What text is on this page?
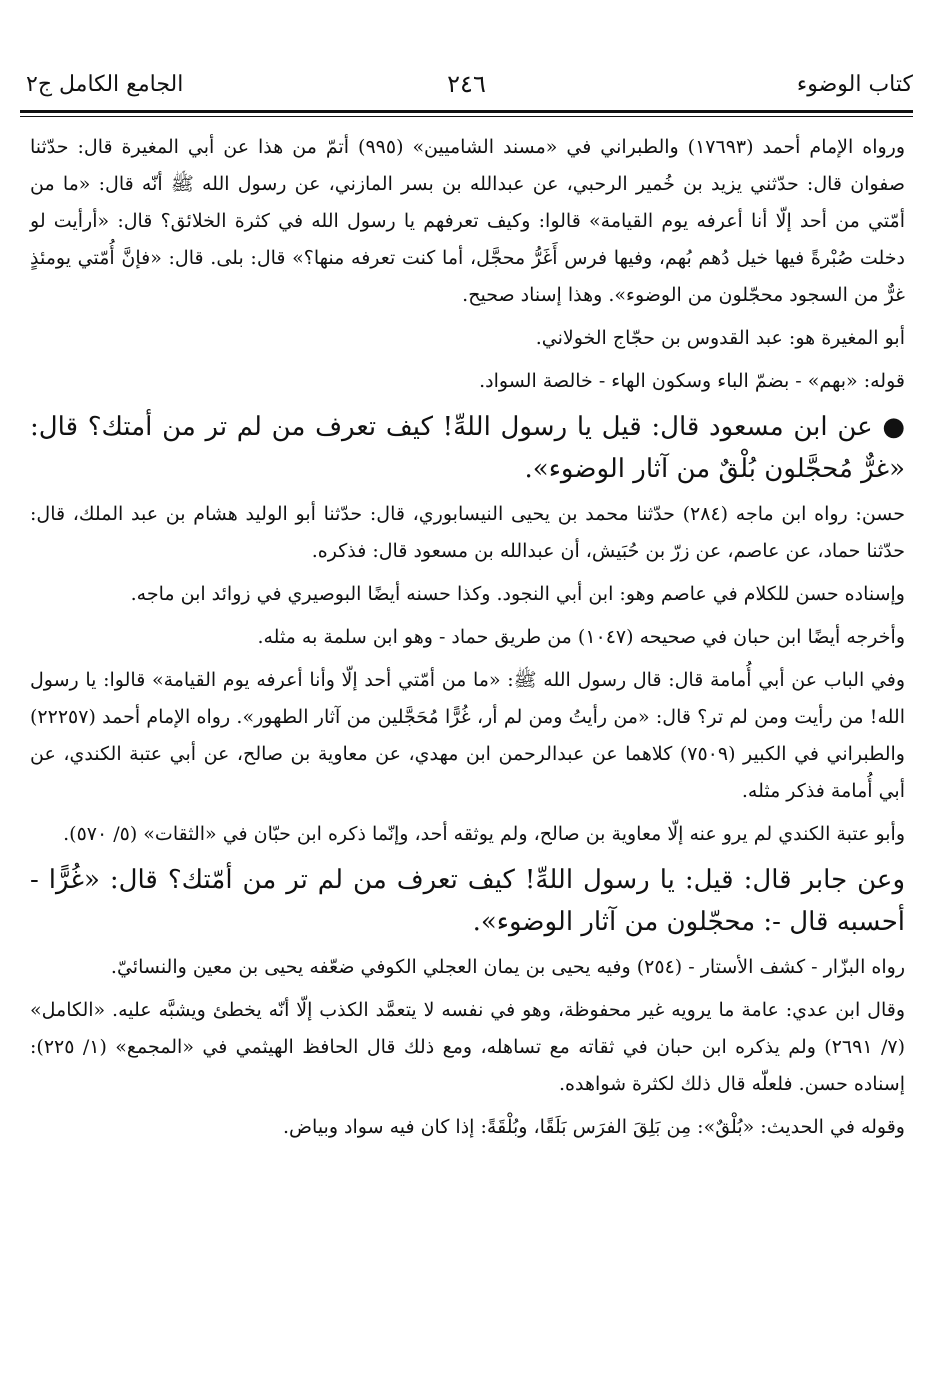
كتاب الوضوء
٢٤٦
الجامع الكامل ج٢

ورواه الإمام أحمد (١٧٦٩٣) والطبراني في «مسند الشاميين» (٩٩٥) أتمّ من هذا عن أبي المغيرة قال: حدّثنا صفوان قال: حدّثني يزيد بن خُمير الرحبي، عن عبدالله بن بسر المازني، عن رسول الله ﷺ أنّه قال: «ما من أمّتي من أحد إلّا أنا أعرفه يوم القيامة» قالوا: وكيف تعرفهم يا رسول الله في كثرة الخلائق؟ قال: «أرأيت لو دخلت صُبْرةً فيها خيل دُهم بُهم، وفيها فرس أَغَرُّ محجَّل، أما كنت تعرفه منها؟» قال: بلى. قال: «فإنَّ أُمّتي يومئذٍ غرٌّ من السجود محجّلون من الوضوء». وهذا إسناد صحيح.

أبو المغيرة هو: عبد القدوس بن حجّاج الخولاني.

قوله: «بهم» - بضمّ الباء وسكون الهاء - خالصة السواد.

● عن ابن مسعود قال: قيل يا رسول اللهِّ! كيف تعرف من لم تر من أمتك؟ قال: «غرٌّ مُحجَّلون بُلْقٌ من آثار الوضوء».

حسن: رواه ابن ماجه (٢٨٤) حدّثنا محمد بن يحيى النيسابوري، قال: حدّثنا أبو الوليد هشام بن عبد الملك، قال: حدّثنا حماد، عن عاصم، عن زرّ بن حُبَيش، أن عبدالله بن مسعود قال: فذكره.

وإسناده حسن للكلام في عاصم وهو: ابن أبي النجود. وكذا حسنه أيضًا البوصيري في زوائد ابن ماجه.

وأخرجه أيضًا ابن حبان في صحيحه (١٠٤٧) من طريق حماد - وهو ابن سلمة به مثله.

وفي الباب عن أبي أُمامة قال: قال رسول الله ﷺ: «ما من أمّتي أحد إلّا وأنا أعرفه يوم القيامة» قالوا: يا رسول الله! من رأيت ومن لم تر؟ قال: «من رأيتُ ومن لم أر، غُرًّا مُحَجَّلين من آثار الطهور». رواه الإمام أحمد (٢٢٢٥٧) والطبراني في الكبير (٧٥٠٩) كلاهما عن عبدالرحمن ابن مهدي، عن معاوية بن صالح، عن أبي عتبة الكندي، عن أبي أُمامة فذكر مثله.

وأبو عتبة الكندي لم يرو عنه إلّا معاوية بن صالح، ولم يوثقه أحد، وإنّما ذكره ابن حبّان في «الثقات» (٥/ ٥٧٠).

وعن جابر قال: قيل: يا رسول اللهِّ! كيف تعرف من لم تر من أمّتك؟ قال: «غُرًّا - أحسبه قال -: محجّلون من آثار الوضوء».

رواه البزّار - كشف الأستار - (٢٥٤) وفيه يحيى بن يمان العجلي الكوفي ضعّفه يحيى بن معين والنسائيّ.

وقال ابن عدي: عامة ما يرويه غير محفوظة، وهو في نفسه لا يتعمَّد الكذب إلّا أنّه يخطئ ويشبَّه عليه. «الكامل» (٧/ ٢٦٩١) ولم يذكره ابن حبان في ثقاته مع تساهله، ومع ذلك قال الحافظ الهيثمي في «المجمع» (١/ ٢٢٥): إسناده حسن. فلعلّه قال ذلك لكثرة شواهده.

وقوله في الحديث: «بُلْقٌ»: مِن بَلِقَ الفرَس بَلَقًا، وبُلْقَةً: إذا كان فيه سواد وبياض.
